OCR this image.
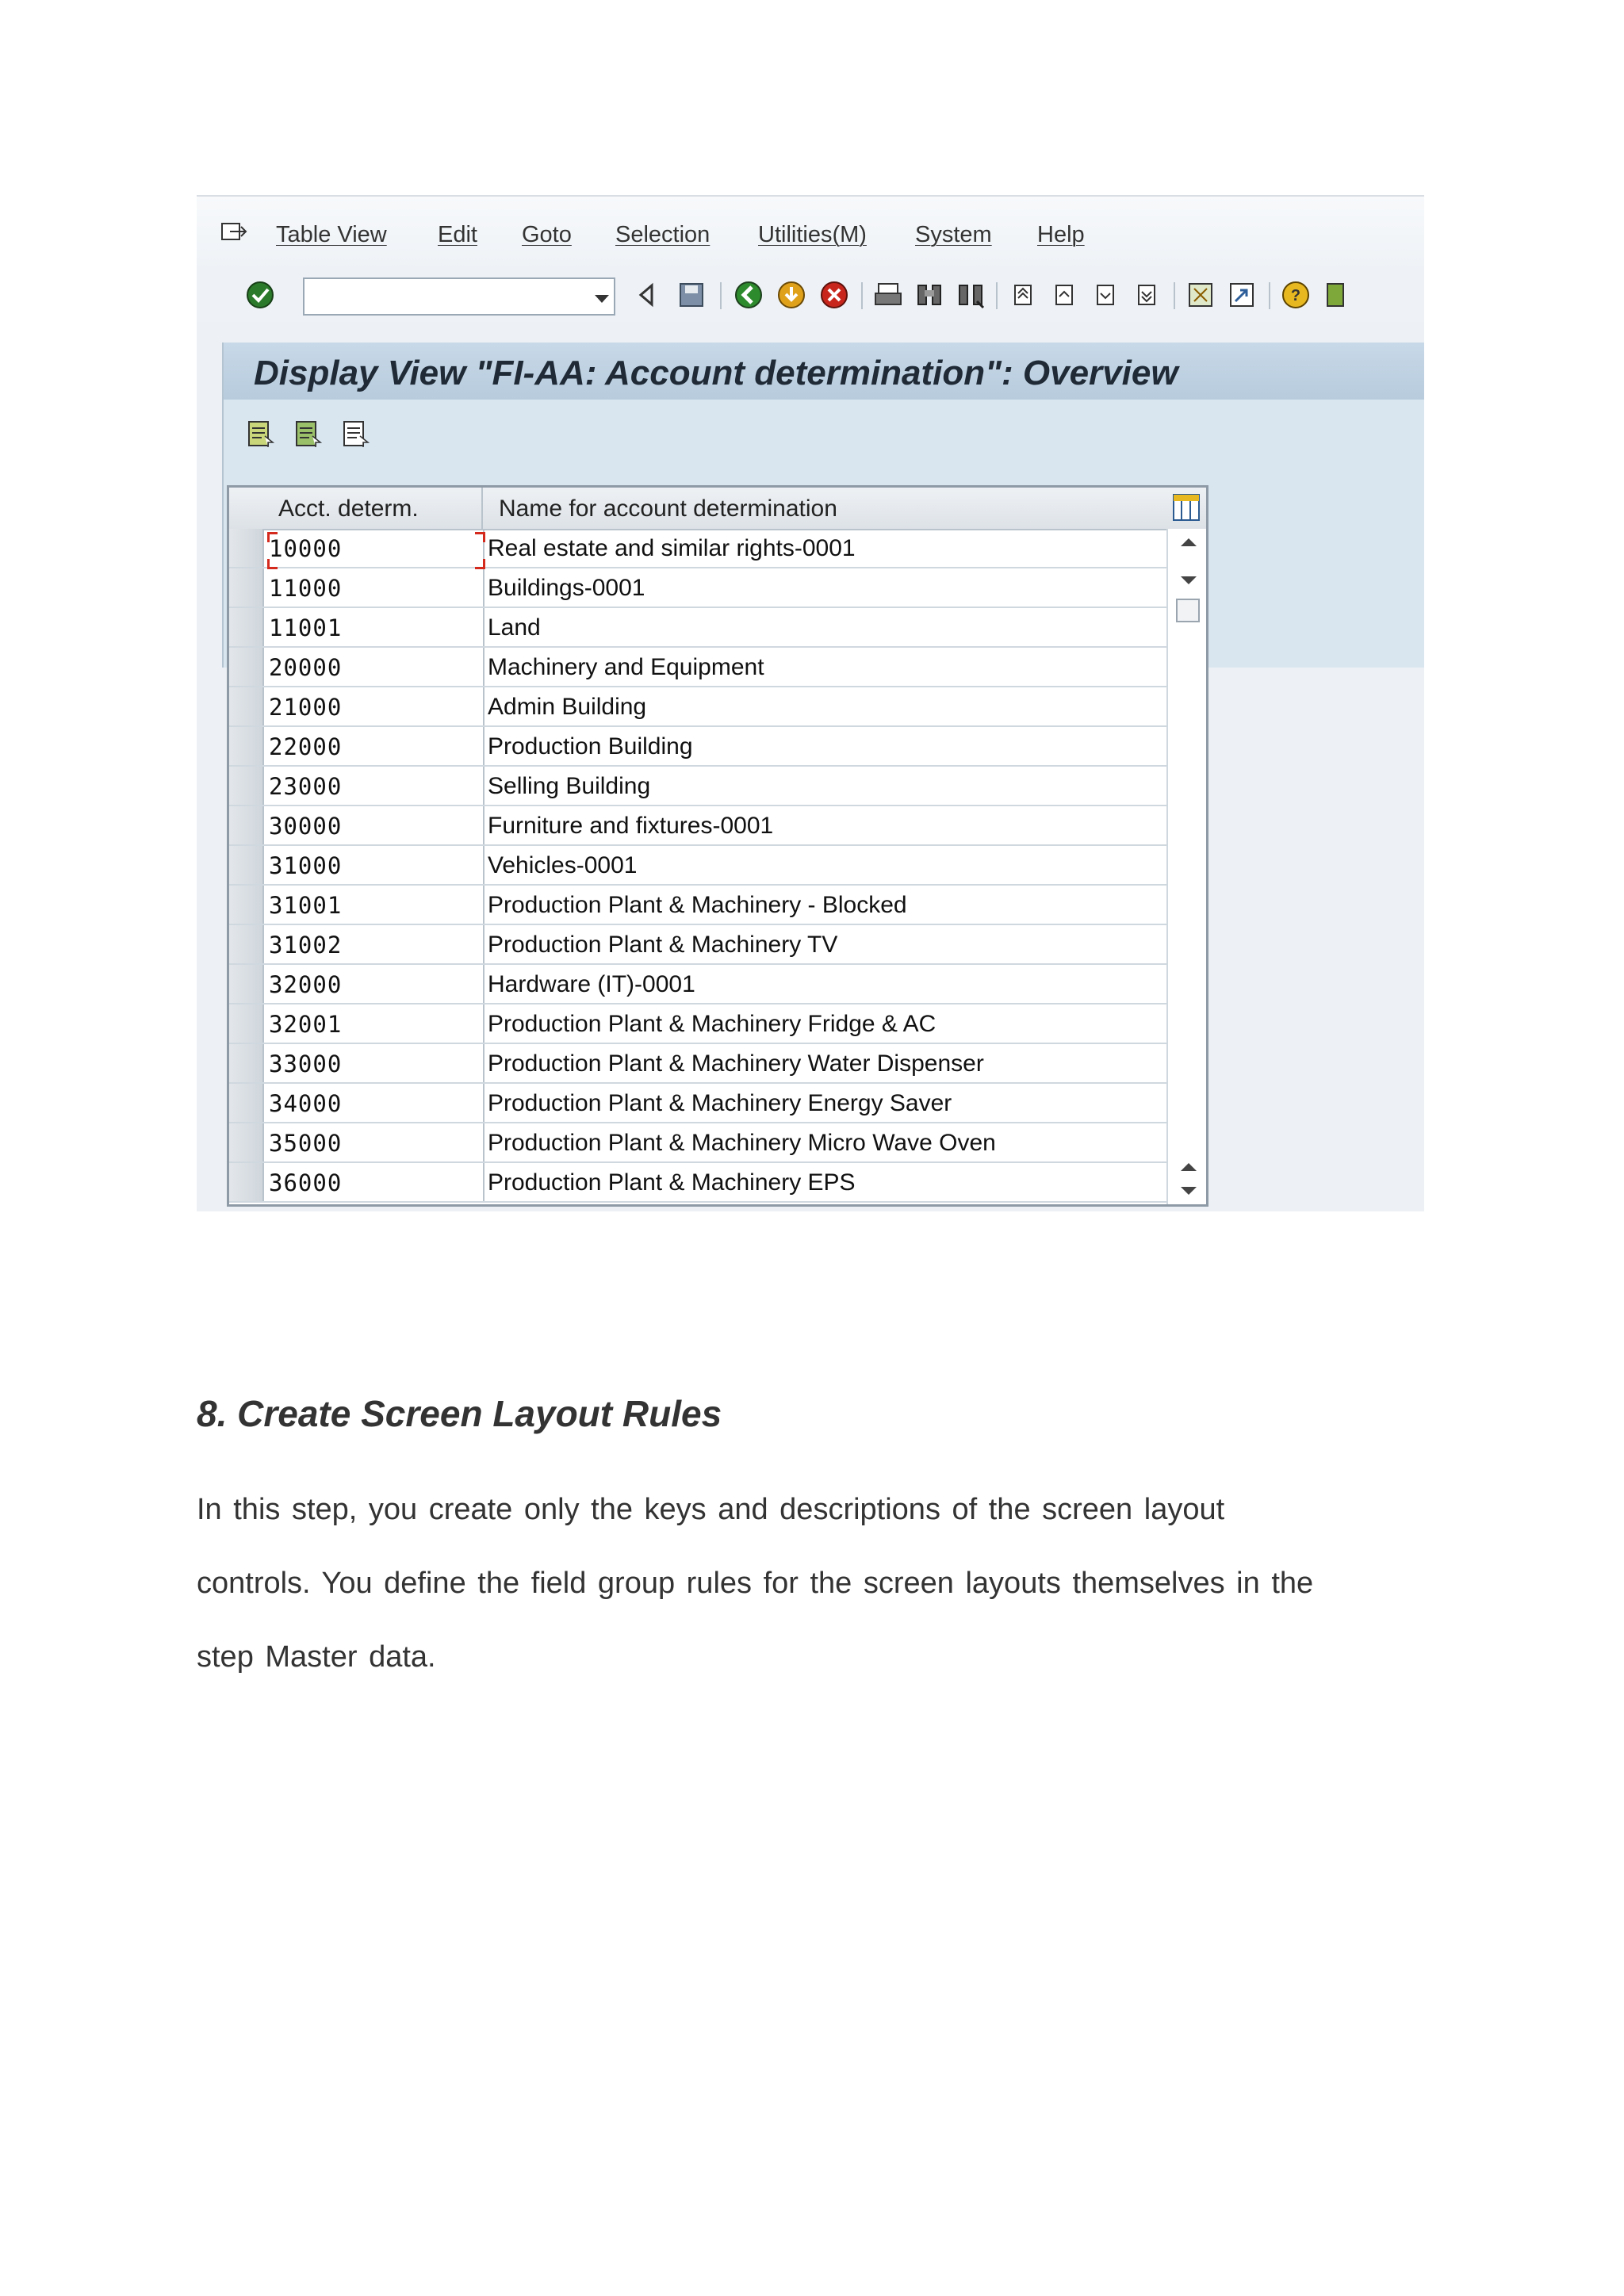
Table View Edit Goto Selection Utilities(M) System Help
?
Display View "FI-AA: Account determination": Overview
Acct. determ.	Name for account determination
10000	Real estate and similar rights-0001
11000	Buildings-0001
11001	Land
20000	Machinery and Equipment
21000	Admin Building
22000	Production Building
23000	Selling Building
30000	Furniture and fixtures-0001
31000	Vehicles-0001
31001	Production Plant & Machinery - Blocked
31002	Production Plant & Machinery TV
32000	Hardware (IT)-0001
32001	Production Plant & Machinery Fridge & AC
33000	Production Plant & Machinery Water Dispenser
34000	Production Plant & Machinery Energy Saver
35000	Production Plant & Machinery Micro Wave Oven
36000	Production Plant & Machinery EPS
8. Create Screen Layout Rules
In this step, you create only the keys and descriptions of the screen layout controls. You define the field group rules for the screen layouts themselves in the step Master data.
